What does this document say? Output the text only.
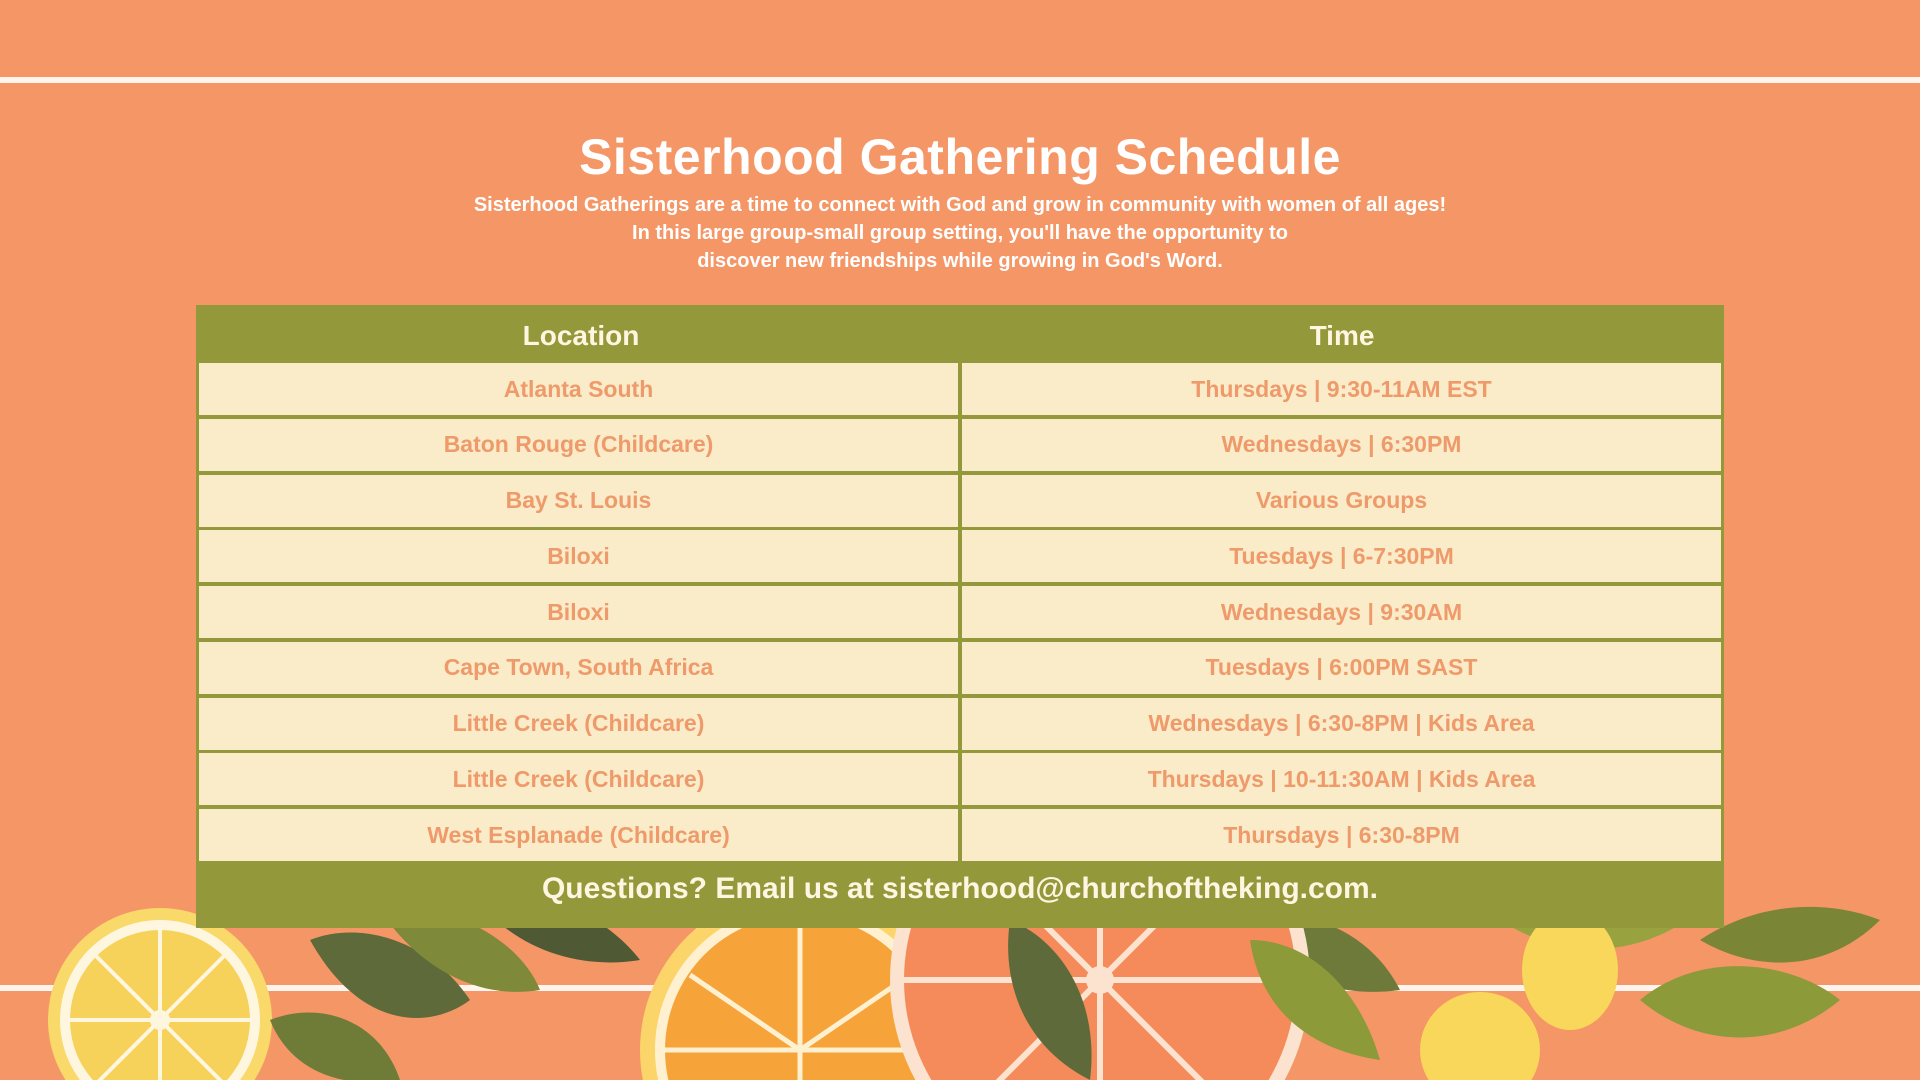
Sisterhood Gathering Schedule
Sisterhood Gatherings are a time to connect with God and grow in community with women of all ages!
In this large group-small group setting, you'll have the opportunity to
discover new friendships while growing in God's Word.
Location	Time
Atlanta South	Thursdays | 9:30-11AM EST
Baton Rouge (Childcare)	Wednesdays | 6:30PM
Bay St. Louis	Various Groups
Biloxi	Tuesdays | 6-7:30PM
Biloxi	Wednesdays | 9:30AM
Cape Town, South Africa	Tuesdays | 6:00PM SAST
Little Creek (Childcare)	Wednesdays | 6:30-8PM | Kids Area
Little Creek (Childcare)	Thursdays | 10-11:30AM | Kids Area
West Esplanade (Childcare)	Thursdays | 6:30-8PM
Questions? Email us at sisterhood@churchoftheking.com.
